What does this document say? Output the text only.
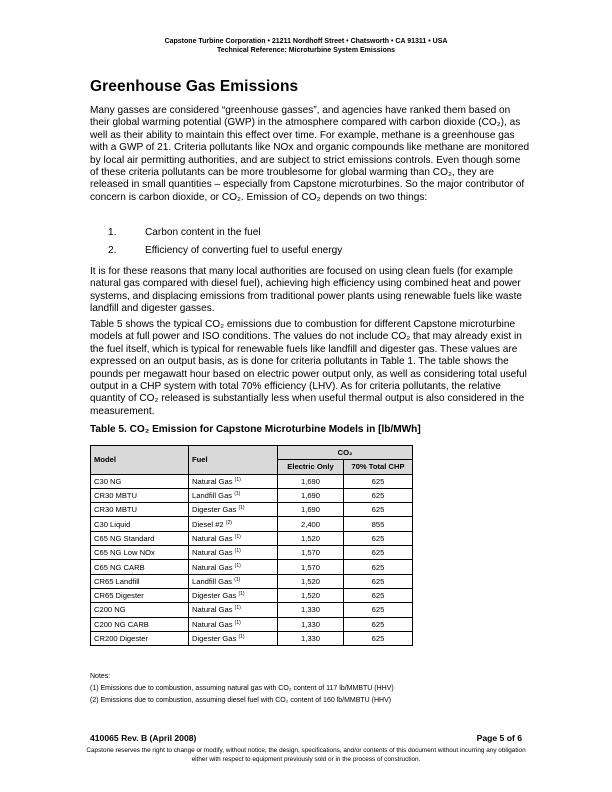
Capstone Turbine Corporation • 21211 Nordhoff Street • Chatsworth • CA 91311 • USA
Technical Reference: Microturbine System Emissions
Greenhouse Gas Emissions

Many gasses are considered “greenhouse gasses”, and agencies have ranked them based on their global warming potential (GWP) in the atmosphere compared with carbon dioxide (CO₂), as well as their ability to maintain this effect over time. For example, methane is a greenhouse gas with a GWP of 21. Criteria pollutants like NOx and organic compounds like methane are monitored by local air permitting authorities, and are subject to strict emissions controls. Even though some of these criteria pollutants can be more troublesome for global warming than CO₂, they are released in small quantities – especially from Capstone microturbines. So the major contributor of concern is carbon dioxide, or CO₂. Emission of CO₂ depends on two things:

1.	Carbon content in the fuel
2.	Efficiency of converting fuel to useful energy

It is for these reasons that many local authorities are focused on using clean fuels (for example natural gas compared with diesel fuel), achieving high efficiency using combined heat and power systems, and displacing emissions from traditional power plants using renewable fuels like waste landfill and digester gasses.

Table 5 shows the typical CO₂ emissions due to combustion for different Capstone microturbine models at full power and ISO conditions. The values do not include CO₂ that may already exist in the fuel itself, which is typical for renewable fuels like landfill and digester gas. These values are expressed on an output basis, as is done for criteria pollutants in Table 1. The table shows the pounds per megawatt hour based on electric power output only, as well as considering total useful output in a CHP system with total 70% efficiency (LHV). As for criteria pollutants, the relative quantity of CO₂ released is substantially less when useful thermal output is also considered in the measurement.

Table 5. CO₂ Emission for Capstone Microturbine Models in [lb/MWh]
Model	Fuel	CO₂	
		Electric Only	70% Total CHP
C30 NG	Natural Gas $^{(1)}$	1,690	625
CR30 MBTU	Landfill Gas $^{(1)}$	1,690	625
CR30 MBTU	Digester Gas $^{(1)}$	1,690	625
C30 Liquid	Diesel #2 $^{(2)}$	2,400	855
C65 NG Standard	Natural Gas $^{(1)}$	1,520	625
C65 NG Low NOx	Natural Gas $^{(1)}$	1,570	625
C65 NG CARB	Natural Gas $^{(1)}$	1,570	625
CR65 Landfill	Landfill Gas $^{(1)}$	1,520	625
CR65 Digester	Digester Gas $^{(1)}$	1,520	625
C200 NG	Natural Gas $^{(1)}$	1,330	625
C200 NG CARB	Natural Gas $^{(1)}$	1,330	625
CR200 Digester	Digester Gas $^{(1)}$	1,330	625
Notes:
(1) Emissions due to combustion, assuming natural gas with CO₂ content of 117 lb/MMBTU (HHV)
(2) Emissions due to combustion, assuming diesel fuel with CO₂ content of 160 lb/MMBTU (HHV)
410065 Rev. B (April 2008)	Page 5 of 6
Capstone reserves the right to change or modify, without notice, the design, specifications, and/or contents of this document without incurring any obligation either with respect to equipment previously sold or in the process of construction.
